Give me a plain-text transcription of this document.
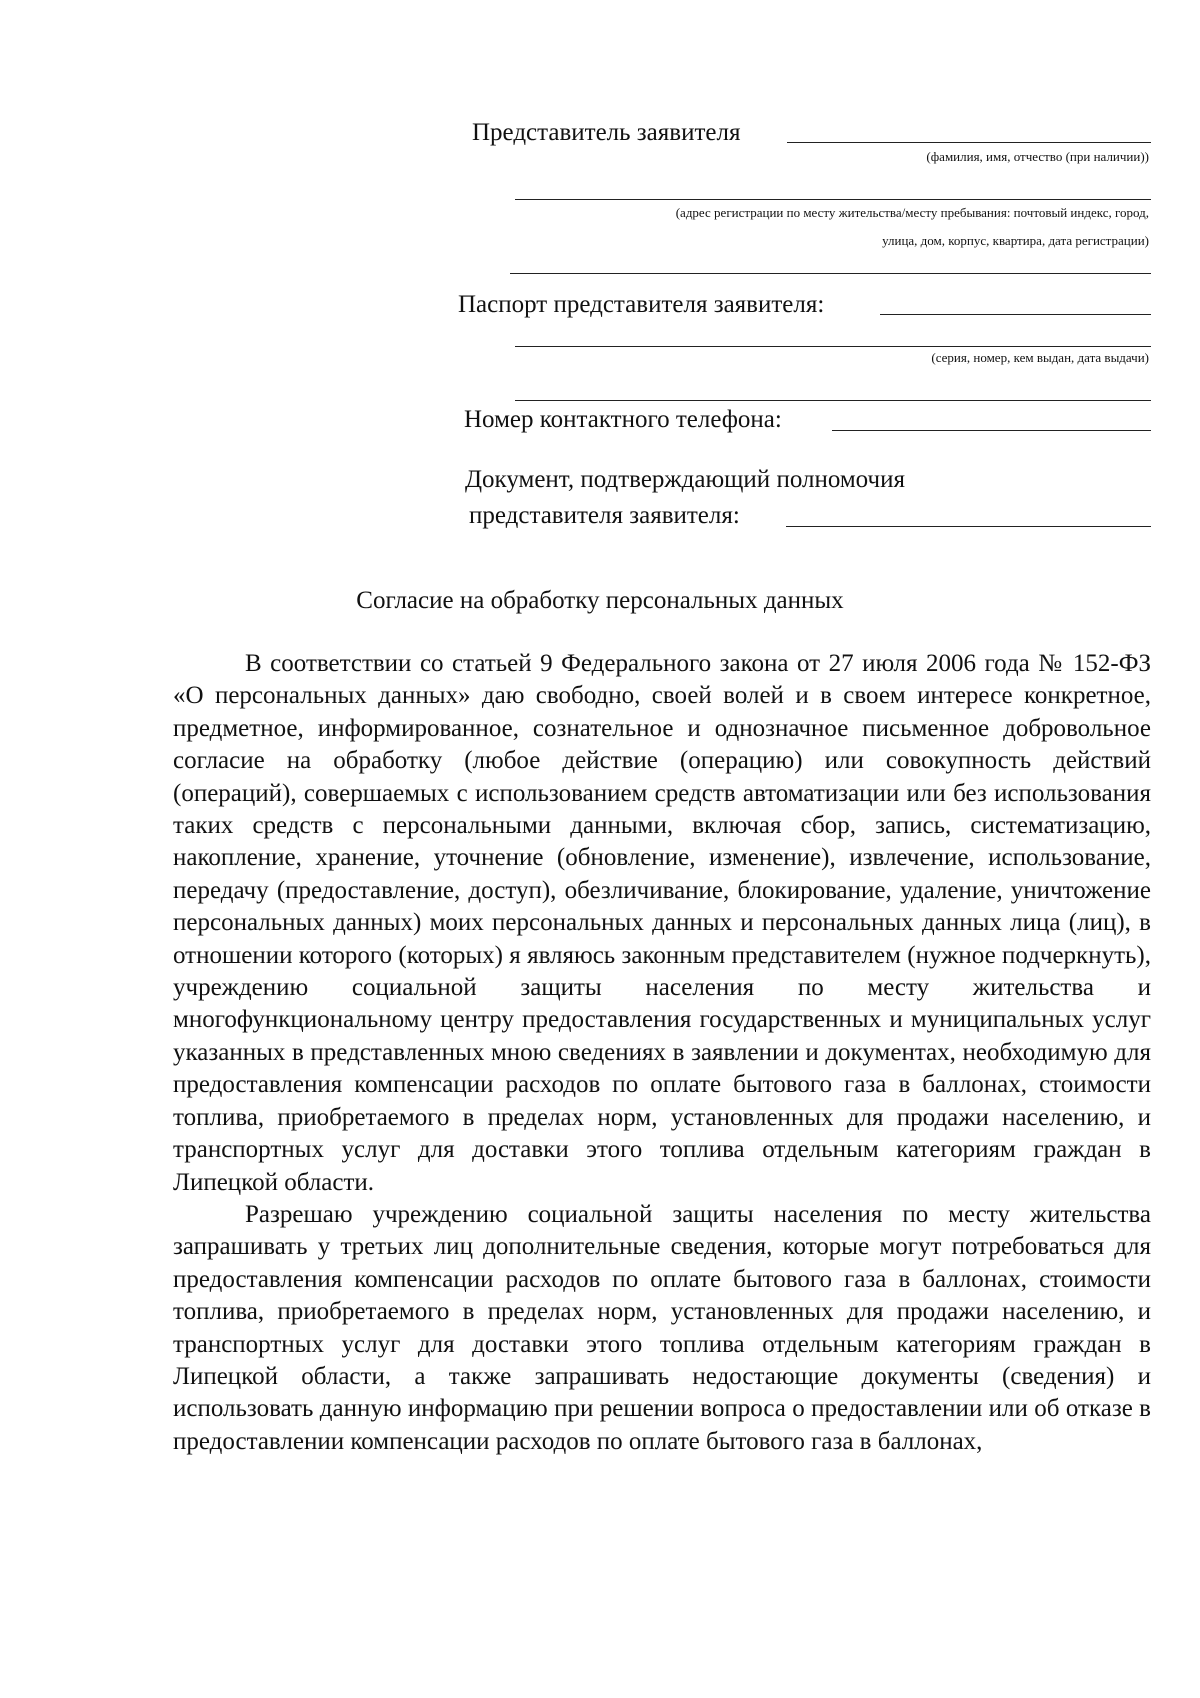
Представитель заявителя
(фамилия, имя, отчество (при наличии))
(адрес регистрации по месту жительства/месту пребывания: почтовый индекс, город,
улица, дом, корпус, квартира, дата регистрации)
Паспорт представителя заявителя:
(серия, номер, кем выдан, дата выдачи)
Номер контактного телефона:
Документ, подтверждающий полномочия
представителя заявителя:
Согласие на обработку персональных данных

В соответствии со статьей 9 Федерального закона от 27 июля 2006 года № 152-ФЗ «О персональных данных» даю свободно, своей волей и в своем интересе конкретное, предметное, информированное, сознательное и однозначное письменное добровольное согласие на обработку (любое действие (операцию) или совокупность действий (операций), совершаемых с использованием средств автоматизации или без использования таких средств с персональными данными, включая сбор, запись, систематизацию, накопление, хранение, уточнение (обновление, изменение), извлечение, использование, передачу (предоставление, доступ), обезличивание, блокирование, удаление, уничтожение персональных данных) моих персональных данных и персональных данных лица (лиц), в отношении которого (которых) я являюсь законным представителем (нужное подчеркнуть), учреждению социальной защиты населения по месту жительства и многофункциональному центру предоставления государственных и муниципальных услуг указанных в представленных мною сведениях в заявлении и документах, необходимую для предоставления компенсации расходов по оплате бытового газа в баллонах, стоимости топлива, приобретаемого в пределах норм, установленных для продажи населению, и транспортных услуг для доставки этого топлива отдельным категориям граждан в Липецкой области.

Разрешаю учреждению социальной защиты населения по месту жительства запрашивать у третьих лиц дополнительные сведения, которые могут потребоваться для предоставления компенсации расходов по оплате бытового газа в баллонах, стоимости топлива, приобретаемого в пределах норм, установленных для продажи населению, и транспортных услуг для доставки этого топлива отдельным категориям граждан в Липецкой области, а также запрашивать недостающие документы (сведения) и использовать данную информацию при решении вопроса о предоставлении или об отказе в предоставлении компенсации расходов по оплате бытового газа в баллонах,
